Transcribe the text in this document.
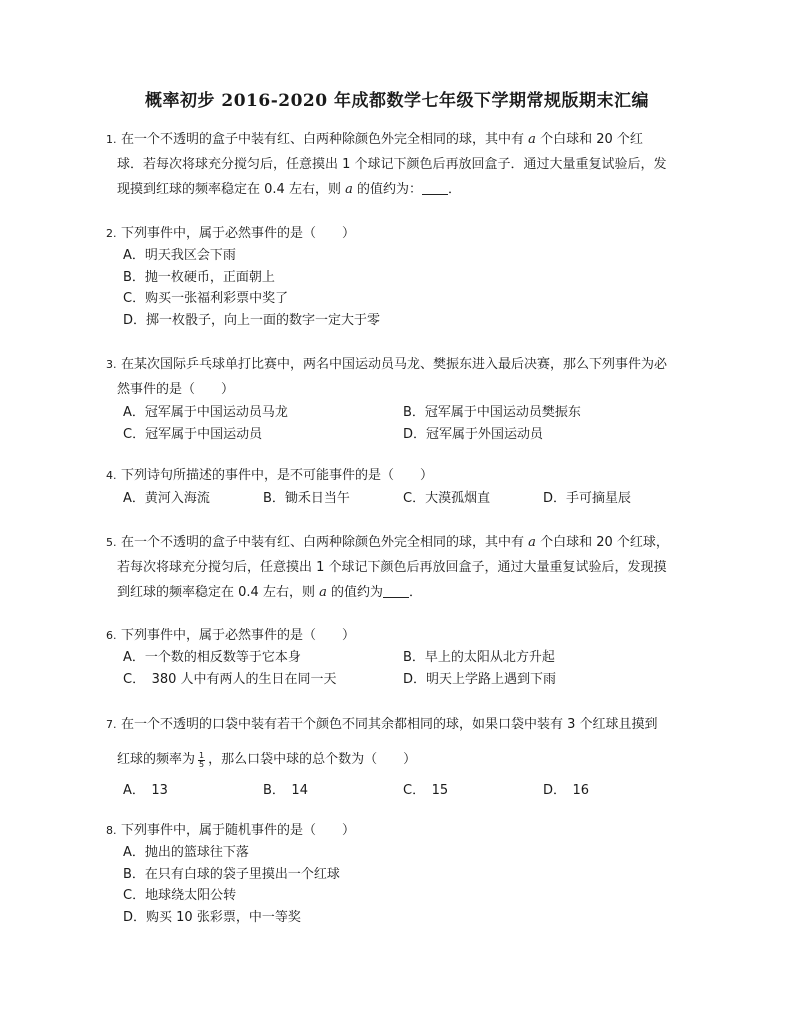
概率初步 2016-2020 年成都数学七年级下学期常规版期末汇编
1. 在一个不透明的盒子中装有红、白两种除颜色外完全相同的球，其中有 a 个白球和 20 个红
球．若每次将球充分搅匀后，任意摸出 1 个球记下颜色后再放回盒子．通过大量重复试验后，发
现摸到红球的频率稳定在 0.4 左右，则 a 的值约为： ．
2. 下列事件中，属于必然事件的是（　　）
A．明天我区会下雨
B．抛一枚硬币，正面朝上
C．购买一张福利彩票中奖了
D．掷一枚骰子，向上一面的数字一定大于零
3. 在某次国际乒乓球单打比赛中，两名中国运动员马龙、樊振东进入最后决赛，那么下列事件为必
然事件的是（　　）
A．冠军属于中国运动员马龙	B．冠军属于中国运动员樊振东
C．冠军属于中国运动员	D．冠军属于外国运动员
4. 下列诗句所描述的事件中，是不可能事件的是（　　）
A．黄河入海流	B．锄禾日当午	C．大漠孤烟直	D．手可摘星辰
5. 在一个不透明的盒子中装有红、白两种除颜色外完全相同的球，其中有 a 个白球和 20 个红球，
若每次将球充分搅匀后，任意摸出 1 个球记下颜色后再放回盒子，通过大量重复试验后，发现摸
到红球的频率稳定在 0.4 左右，则 a 的值约为 ．
6. 下列事件中，属于必然事件的是（　　）
A．一个数的相反数等于它本身	B．早上的太阳从北方升起
C．　380 人中有两人的生日在同一天	D．明天上学路上遇到下雨
7. 在一个不透明的口袋中装有若干个颜色不同其余都相同的球，如果口袋中装有 3 个红球且摸到
红球的频率为 $\frac{1}{5}$ ，那么口袋中球的总个数为（　　）
A．　13	B．　14	C．　15	D．　16
8. 下列事件中，属于随机事件的是（　　）
A．抛出的篮球往下落
B．在只有白球的袋子里摸出一个红球
C．地球绕太阳公转
D．购买 10 张彩票，中一等奖
